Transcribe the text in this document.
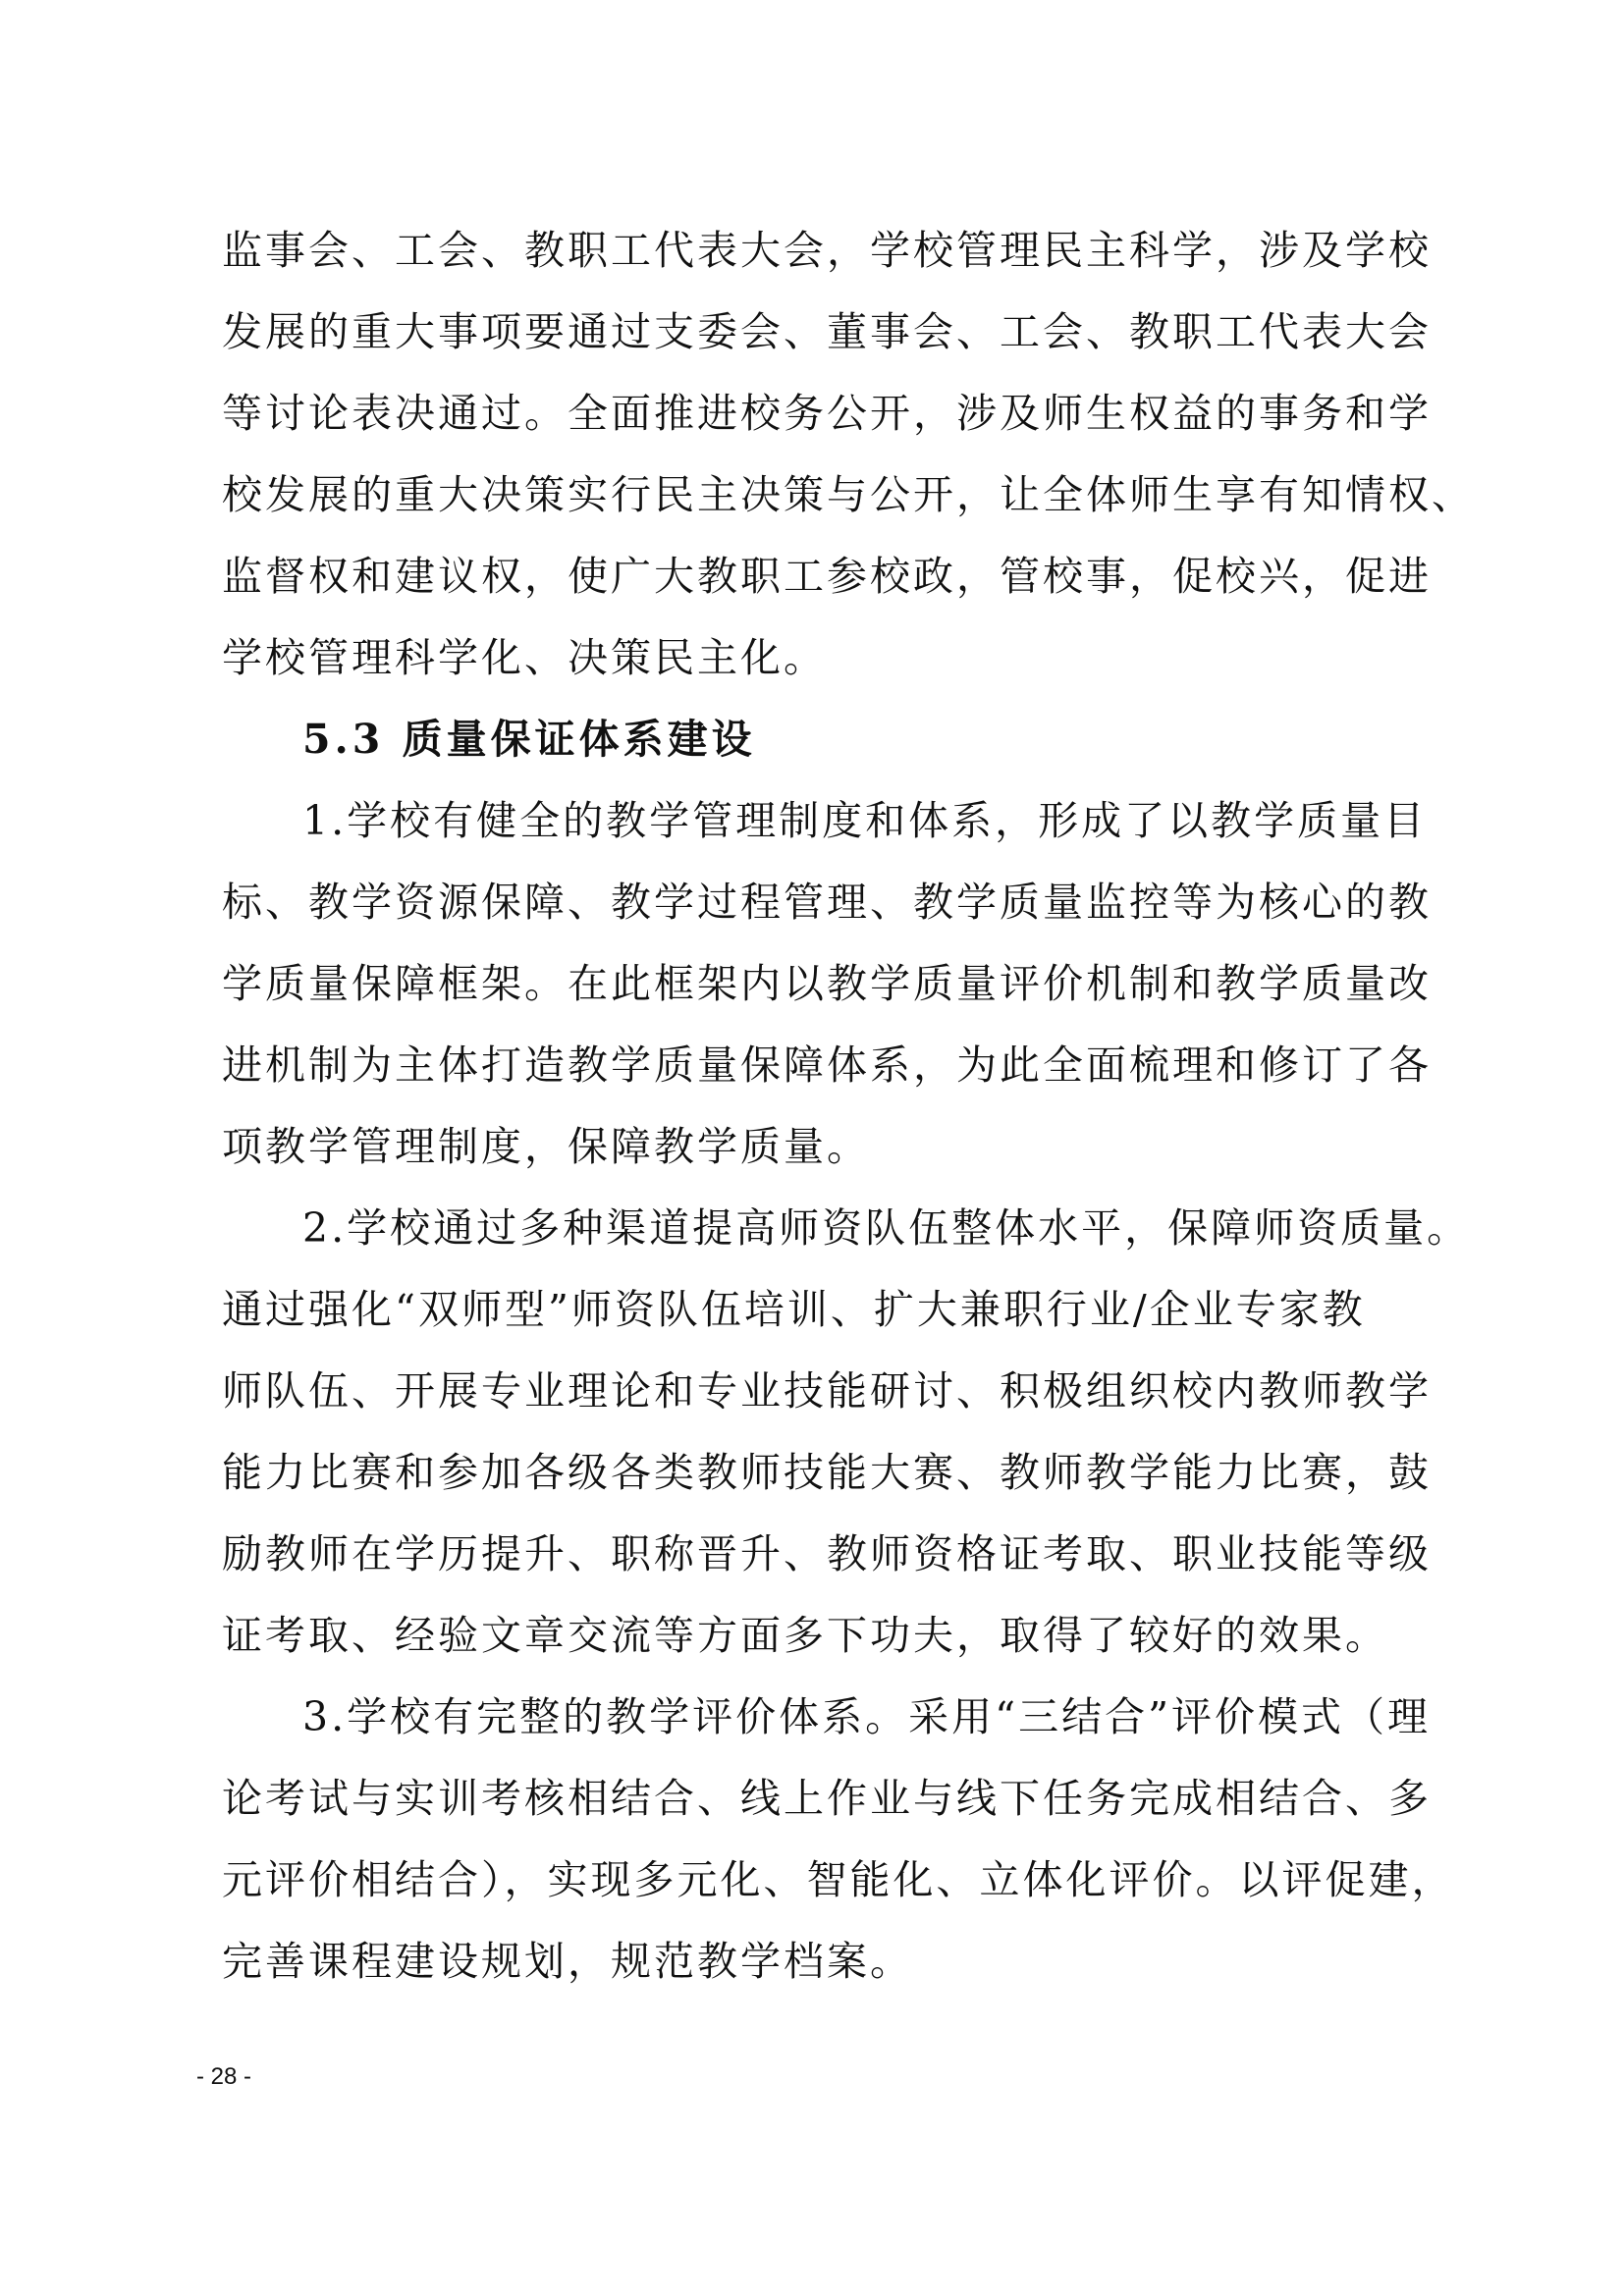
监事会、工会、教职工代表大会，学校管理民主科学，涉及学校
发展的重大事项要通过支委会、董事会、工会、教职工代表大会
等讨论表决通过。全面推进校务公开，涉及师生权益的事务和学
校发展的重大决策实行民主决策与公开，让全体师生享有知情权、
监督权和建议权，使广大教职工参校政，管校事，促校兴，促进
学校管理科学化、决策民主化。
5.3 质量保证体系建设
1.学校有健全的教学管理制度和体系，形成了以教学质量目
标、教学资源保障、教学过程管理、教学质量监控等为核心的教
学质量保障框架。在此框架内以教学质量评价机制和教学质量改
进机制为主体打造教学质量保障体系，为此全面梳理和修订了各
项教学管理制度，保障教学质量。
2.学校通过多种渠道提高师资队伍整体水平，保障师资质量。
通过强化“双师型”师资队伍培训、扩大兼职行业/企业专家教
师队伍、开展专业理论和专业技能研讨、积极组织校内教师教学
能力比赛和参加各级各类教师技能大赛、教师教学能力比赛，鼓
励教师在学历提升、职称晋升、教师资格证考取、职业技能等级
证考取、经验文章交流等方面多下功夫，取得了较好的效果。
3.学校有完整的教学评价体系。采用“三结合”评价模式（理
论考试与实训考核相结合、线上作业与线下任务完成相结合、多
元评价相结合），实现多元化、智能化、立体化评价。以评促建，
完善课程建设规划，规范教学档案。
- 28 -
